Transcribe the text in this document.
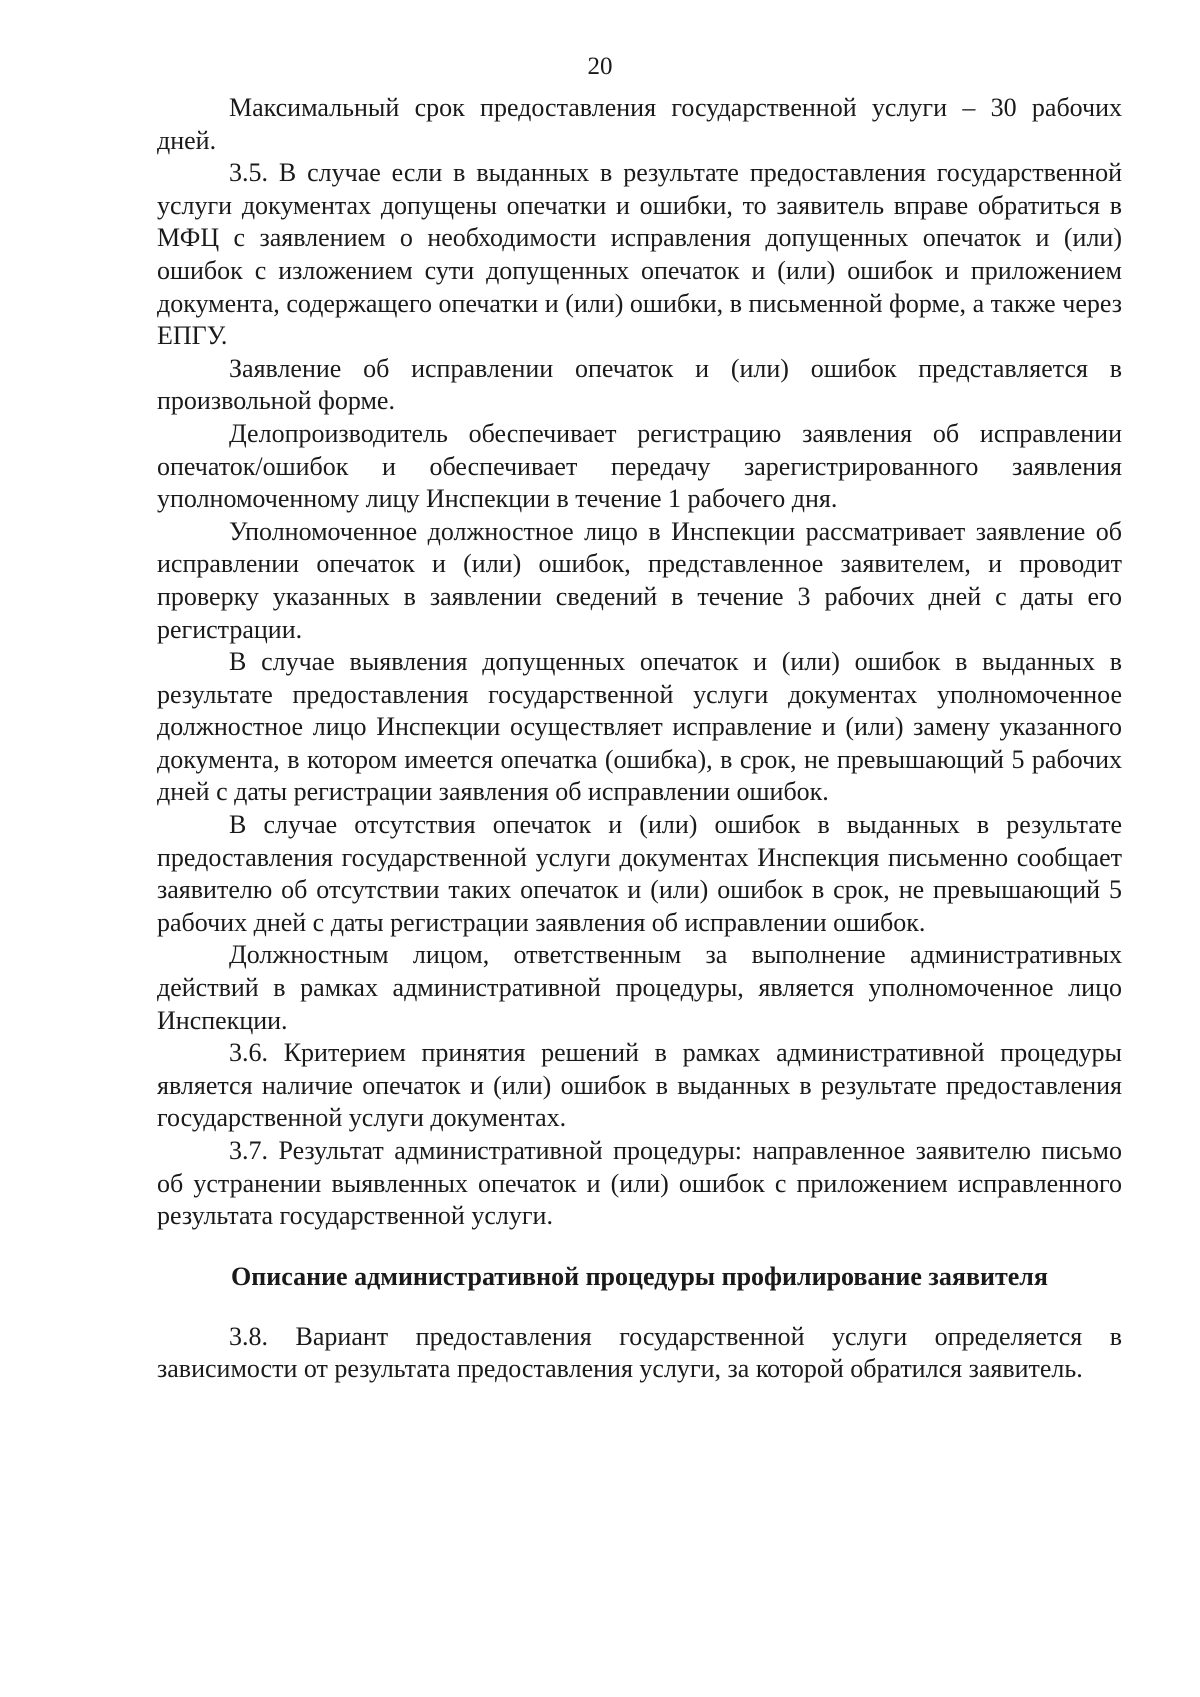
20

Максимальный срок предоставления государственной услуги – 30 рабочих дней.

3.5. В случае если в выданных в результате предоставления государственной услуги документах допущены опечатки и ошибки, то заявитель вправе обратиться в МФЦ с заявлением о необходимости исправления допущенных опечаток и (или) ошибок с изложением сути допущенных опечаток и (или) ошибок и приложением документа, содержащего опечатки и (или) ошибки, в письменной форме, а также через ЕПГУ.

Заявление об исправлении опечаток и (или) ошибок представляется в произвольной форме.

Делопроизводитель обеспечивает регистрацию заявления об исправлении опечаток/ошибок и обеспечивает передачу зарегистрированного заявления уполномоченному лицу Инспекции в течение 1 рабочего дня.

Уполномоченное должностное лицо в Инспекции рассматривает заявление об исправлении опечаток и (или) ошибок, представленное заявителем, и проводит проверку указанных в заявлении сведений в течение 3 рабочих дней с даты его регистрации.

В случае выявления допущенных опечаток и (или) ошибок в выданных в результате предоставления государственной услуги документах уполномоченное должностное лицо Инспекции осуществляет исправление и (или) замену указанного документа, в котором имеется опечатка (ошибка), в срок, не превышающий 5 рабочих дней с даты регистрации заявления об исправлении ошибок.

В случае отсутствия опечаток и (или) ошибок в выданных в результате предоставления государственной услуги документах Инспекция письменно сообщает заявителю об отсутствии таких опечаток и (или) ошибок в срок, не превышающий 5 рабочих дней с даты регистрации заявления об исправлении ошибок.

Должностным лицом, ответственным за выполнение административных действий в рамках административной процедуры, является уполномоченное лицо Инспекции.

3.6. Критерием принятия решений в рамках административной процедуры является наличие опечаток и (или) ошибок в выданных в результате предоставления государственной услуги документах.

3.7. Результат административной процедуры: направленное заявителю письмо об устранении выявленных опечаток и (или) ошибок с приложением исправленного результата государственной услуги.

Описание административной процедуры профилирование заявителя

3.8. Вариант предоставления государственной услуги определяется в зависимости от результата предоставления услуги, за которой обратился заявитель.
